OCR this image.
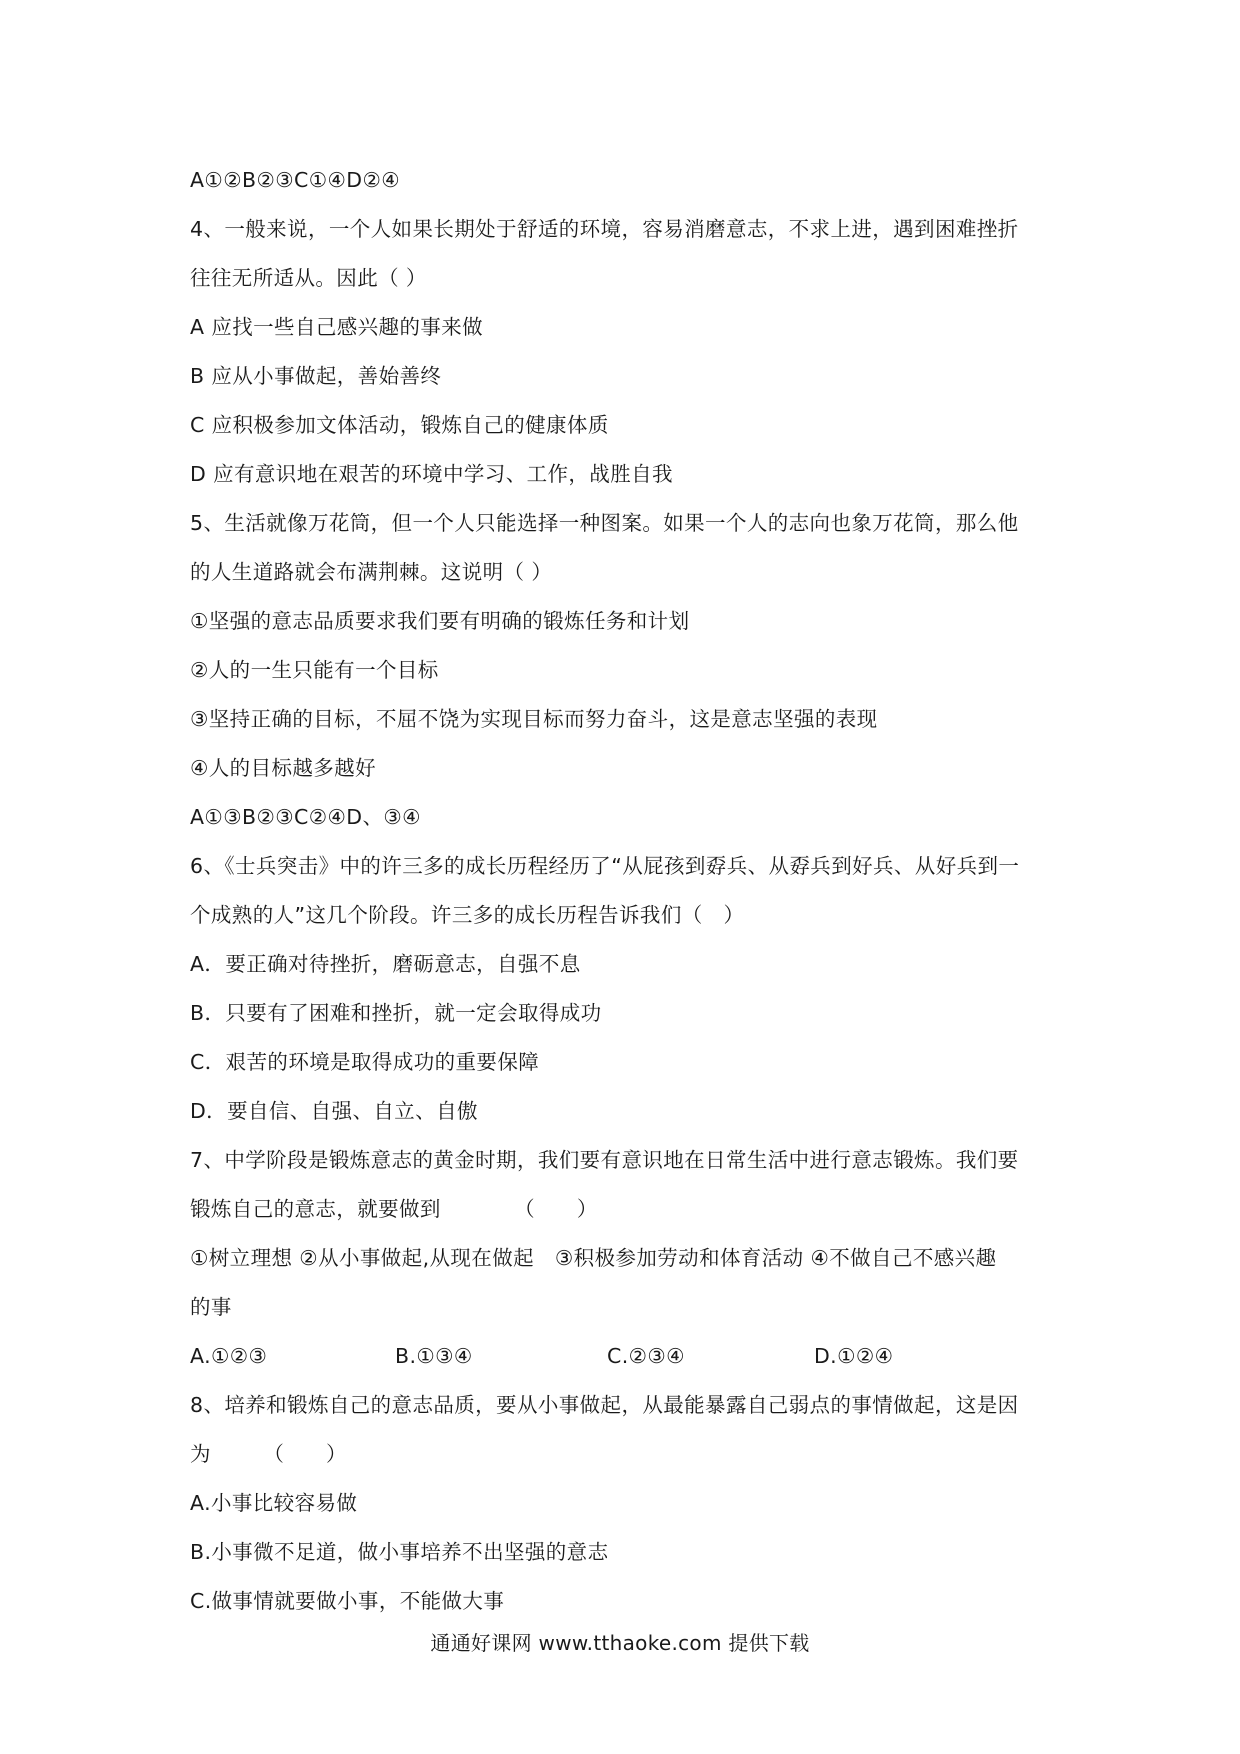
A①②B②③C①④D②④
4、一般来说，一个人如果长期处于舒适的环境，容易消磨意志，不求上进，遇到困难挫折
往往无所适从。因此（ ）
A 应找一些自己感兴趣的事来做
B 应从小事做起，善始善终
C 应积极参加文体活动，锻炼自己的健康体质
D 应有意识地在艰苦的环境中学习、工作，战胜自我
5、生活就像万花筒，但一个人只能选择一种图案。如果一个人的志向也象万花筒，那么他
的人生道路就会布满荆棘。这说明（ ）
①坚强的意志品质要求我们要有明确的锻炼任务和计划
②人的一生只能有一个目标
③坚持正确的目标，不屈不饶为实现目标而努力奋斗，这是意志坚强的表现
④人的目标越多越好
A①③B②③C②④D、③④
6、《士兵突击》中的许三多的成长历程经历了“从屁孩到孬兵、从孬兵到好兵、从好兵到一
个成熟的人”这几个阶段。许三多的成长历程告诉我们（　）
A．要正确对待挫折，磨砺意志，自强不息
B．只要有了困难和挫折，就一定会取得成功
C．艰苦的环境是取得成功的重要保障
D．要自信、自强、自立、自傲
7、中学阶段是锻炼意志的黄金时期，我们要有意识地在日常生活中进行意志锻炼。我们要
锻炼自己的意志，就要做到　　　　（　　）
①树立理想 ②从小事做起,从现在做起　③积极参加劳动和体育活动 ④不做自己不感兴趣
的事
A.①②③	B.①③④	C.②③④	D.①②④
8、培养和锻炼自己的意志品质，要从小事做起，从最能暴露自己弱点的事情做起，这是因
为　　　（　　）
A.小事比较容易做
B.小事微不足道，做小事培养不出坚强的意志
C.做事情就要做小事，不能做大事
通通好课网 www.tthaoke.com 提供下载
